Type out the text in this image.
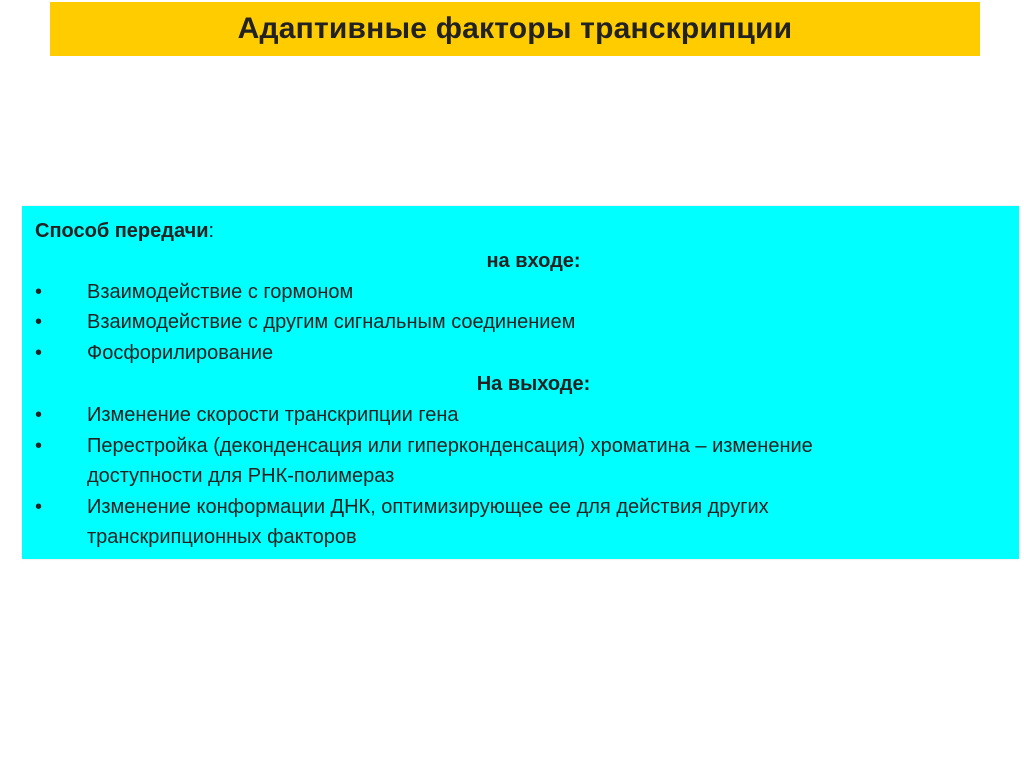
Адаптивные факторы транскрипции
Способ передачи:
на входе:
• Взаимодействие с гормоном
• Взаимодействие с другим сигнальным соединением
• Фосфорилирование
На выходе:
• Изменение скорости транскрипции гена
• Перестройка (деконденсация или гиперконденсация) хроматина – изменение
доступности для РНК-полимераз
• Изменение конформации ДНК, оптимизирующее ее для действия других
транскрипционных факторов
